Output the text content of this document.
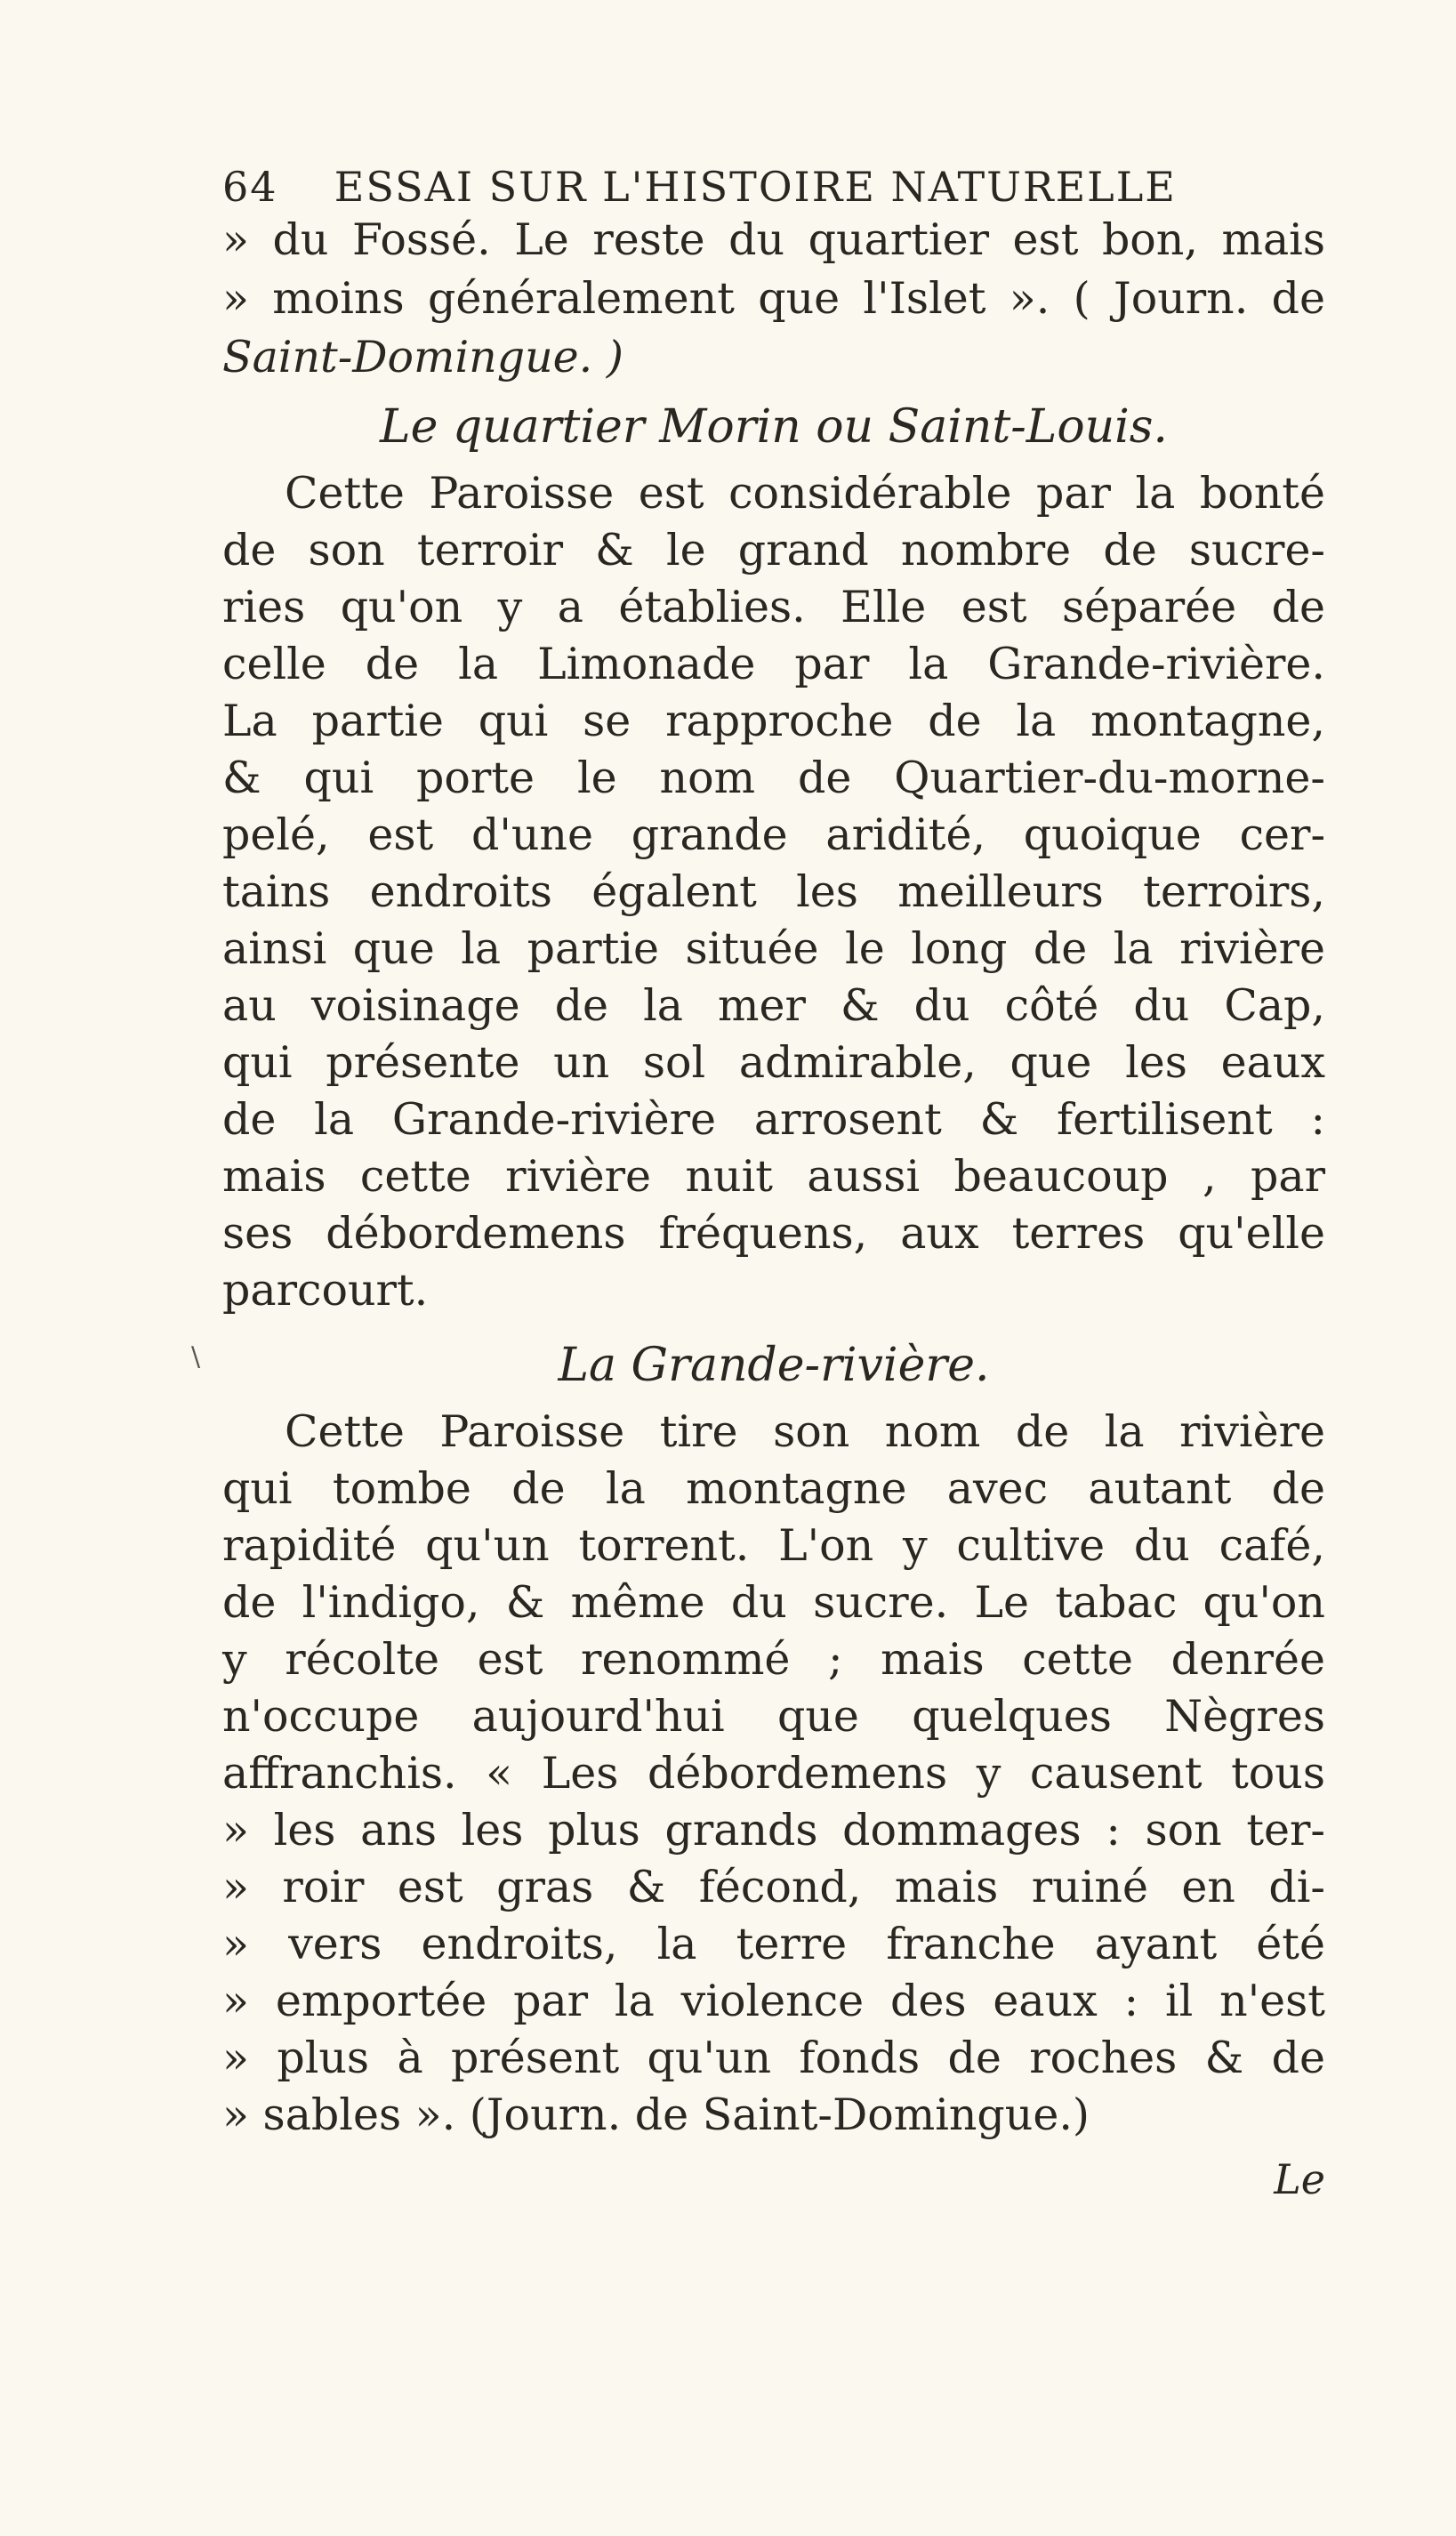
64 ESSAI SUR L'HISTOIRE NATURELLE
» du Fossé. Le reste du quartier est bon, mais
» moins généralement que l'Islet ». ( Journ. de
Saint-Domingue. )
Le quartier Morin ou Saint-Louis.
Cette Paroisse est considérable par la bonté
de son terroir & le grand nombre de sucre-
ries qu'on y a établies. Elle est séparée de
celle de la Limonade par la Grande-rivière.
La partie qui se rapproche de la montagne,
& qui porte le nom de Quartier-du-morne-
pelé, est d'une grande aridité, quoique cer-
tains endroits égalent les meilleurs terroirs,
ainsi que la partie située le long de la rivière
au voisinage de la mer & du côté du Cap,
qui présente un sol admirable, que les eaux
de la Grande-rivière arrosent & fertilisent :
mais cette rivière nuit aussi beaucoup , par
ses débordemens fréquens, aux terres qu'elle
parcourt.
La Grande-rivière.
Cette Paroisse tire son nom de la rivière
qui tombe de la montagne avec autant de
rapidité qu'un torrent. L'on y cultive du café,
de l'indigo, & même du sucre. Le tabac qu'on
y récolte est renommé ; mais cette denrée
n'occupe aujourd'hui que quelques Nègres
affranchis. « Les débordemens y causent tous
» les ans les plus grands dommages : son ter-
» roir est gras & fécond, mais ruiné en di-
» vers endroits, la terre franche ayant été
» emportée par la violence des eaux : il n'est
» plus à présent qu'un fonds de roches & de
» sables ». (Journ. de Saint-Domingue.)
Le
\
